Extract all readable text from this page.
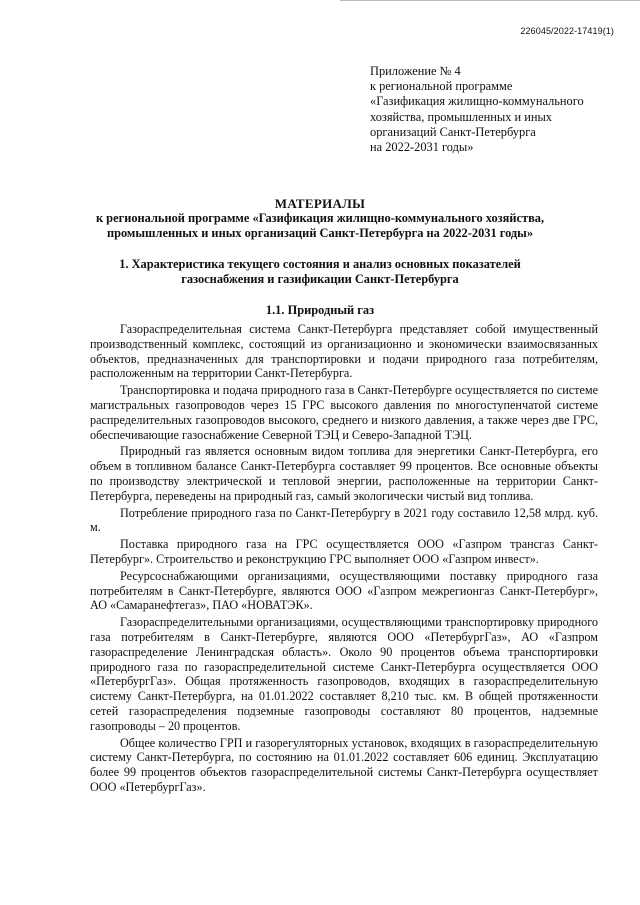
226045/2022-17419(1)
Приложение № 4
к региональной программе
«Газификация жилищно-коммунального
хозяйства, промышленных и иных
организаций Санкт-Петербурга
на 2022-2031 годы»
МАТЕРИАЛЫ
к региональной программе «Газификация жилищно-коммунального хозяйства,
промышленных и иных организаций Санкт-Петербурга на 2022-2031 годы»
1. Характеристика текущего состояния и анализ основных показателей
газоснабжения и газификации Санкт-Петербурга
1.1. Природный газ

Газораспределительная система Санкт-Петербурга представляет собой имущественный производственный комплекс, состоящий из организационно и экономически взаимосвязанных объектов, предназначенных для транспортировки и подачи природного газа потребителям, расположенным на территории Санкт-Петербурга.

Транспортировка и подача природного газа в Санкт-Петербурге осуществляется по системе магистральных газопроводов через 15 ГРС высокого давления по многоступенчатой системе распределительных газопроводов высокого, среднего и низкого давления, а также через две ГРС, обеспечивающие газоснабжение Северной ТЭЦ и Северо-Западной ТЭЦ.

Природный газ является основным видом топлива для энергетики Санкт-Петербурга, его объем в топливном балансе Санкт-Петербурга составляет 99 процентов. Все основные объекты по производству электрической и тепловой энергии, расположенные на территории Санкт-Петербурга, переведены на природный газ, самый экологически чистый вид топлива.

Потребление природного газа по Санкт-Петербургу в 2021 году составило 12,58 млрд. куб. м.

Поставка природного газа на ГРС осуществляется ООО «Газпром трансгаз Санкт-Петербург». Строительство и реконструкцию ГРС выполняет ООО «Газпром инвест».

Ресурсоснабжающими организациями, осуществляющими поставку природного газа потребителям в Санкт-Петербурге, являются ООО «Газпром межрегионгаз Санкт-Петербург», АО «Самаранефтегаз», ПАО «НОВАТЭК».

Газораспределительными организациями, осуществляющими транспортировку природного газа потребителям в Санкт-Петербурге, являются ООО «ПетербургГаз», АО «Газпром газораспределение Ленинградская область». Около 90 процентов объема транспортировки природного газа по газораспределительной системе Санкт-Петербурга осуществляется ООО «ПетербургГаз». Общая протяженность газопроводов, входящих в газораспределительную систему Санкт-Петербурга, на 01.01.2022 составляет 8,210 тыс. км. В общей протяженности сетей газораспределения подземные газопроводы составляют 80 процентов, надземные газопроводы – 20 процентов.

Общее количество ГРП и газорегуляторных установок, входящих в газораспределительную систему Санкт-Петербурга, по состоянию на 01.01.2022 составляет 606 единиц. Эксплуатацию более 99 процентов объектов газораспределительной системы Санкт-Петербурга осуществляет ООО «ПетербургГаз».
